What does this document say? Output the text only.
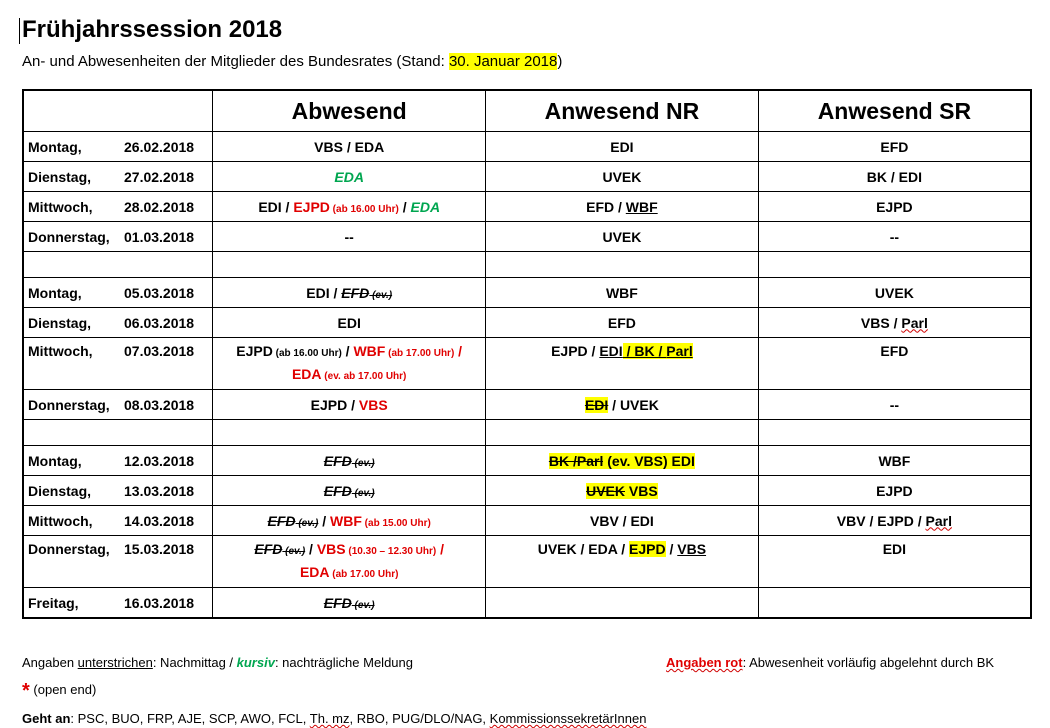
Frühjahrssession 2018
An- und Abwesenheiten der Mitglieder des Bundesrates (Stand: 30. Januar 2018)
	Abwesend	Anwesend NR	Anwesend SR
Montag, 26.02.2018	VBS / EDA	EDI	EFD
Dienstag, 27.02.2018	EDA	UVEK	BK / EDI
Mittwoch, 28.02.2018	EDI / EJPD (ab 16.00 Uhr) / EDA	EFD / WBF	EJPD
Donnerstag, 01.03.2018	--	UVEK	--

Montag, 05.03.2018	EDI / EFD (ev.)	WBF	UVEK
Dienstag, 06.03.2018	EDI	EFD	VBS / Parl
Mittwoch, 07.03.2018	EJPD (ab 16.00 Uhr) / WBF (ab 17.00 Uhr) /
EDA (ev. ab 17.00 Uhr)	EJPD / EDI / BK / Parl	EFD
Donnerstag, 08.03.2018	EJPD / VBS	EDI / UVEK	--

Montag, 12.03.2018	EFD (ev.)	BK /Parl (ev. VBS) EDI	WBF
Dienstag, 13.03.2018	EFD (ev.)	UVEK VBS	EJPD
Mittwoch, 14.03.2018	EFD (ev.) / WBF (ab 15.00 Uhr)	VBV / EDI	VBV / EJPD / Parl
Donnerstag, 15.03.2018	EFD (ev.) / VBS (10.30 – 12.30 Uhr) /
EDA (ab 17.00 Uhr)	UVEK / EDA / EJPD / VBS	EDI
Freitag, 16.03.2018	EFD (ev.)		
Angaben unterstrichen: Nachmittag / kursiv: nachträgliche Meldung	Angaben rot: Abwesenheit vorläufig abgelehnt durch BK
* (open end)
Geht an: PSC, BUO, FRP, AJE, SCP, AWO, FCL, Th. mz, RBO, PUG/DLO/NAG, KommissionssekretärInnen
